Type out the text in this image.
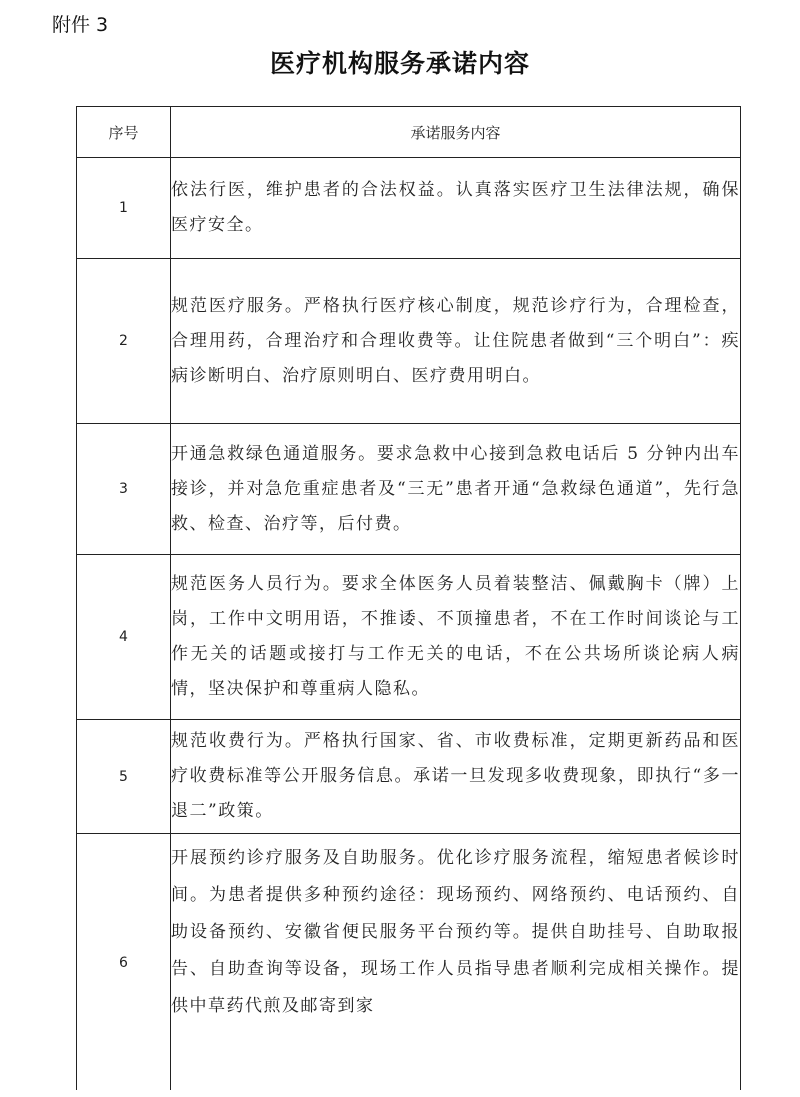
附件 3
医疗机构服务承诺内容
序号	承诺服务内容
1	依法行医，维护患者的合法权益。认真落实医疗卫生法律法规，确保医疗安全。
2	规范医疗服务。严格执行医疗核心制度，规范诊疗行为，合理检查，合理用药，合理治疗和合理收费等。让住院患者做到“三个明白”：疾病诊断明白、治疗原则明白、医疗费用明白。
3	开通急救绿色通道服务。要求急救中心接到急救电话后 5 分钟内出车接诊，并对急危重症患者及“三无”患者开通“急救绿色通道”，先行急救、检查、治疗等，后付费。
4	规范医务人员行为。要求全体医务人员着装整洁、佩戴胸卡（牌）上岗，工作中文明用语，不推诿、不顶撞患者，不在工作时间谈论与工作无关的话题或接打与工作无关的电话，不在公共场所谈论病人病情，坚决保护和尊重病人隐私。
5	规范收费行为。严格执行国家、省、市收费标准，定期更新药品和医疗收费标准等公开服务信息。承诺一旦发现多收费现象，即执行“多一退二”政策。
6	开展预约诊疗服务及自助服务。优化诊疗服务流程，缩短患者候诊时间。为患者提供多种预约途径：现场预约、网络预约、电话预约、自助设备预约、安徽省便民服务平台预约等。提供自助挂号、自助取报告、自助查询等设备，现场工作人员指导患者顺利完成相关操作。提供中草药代煎及邮寄到家
